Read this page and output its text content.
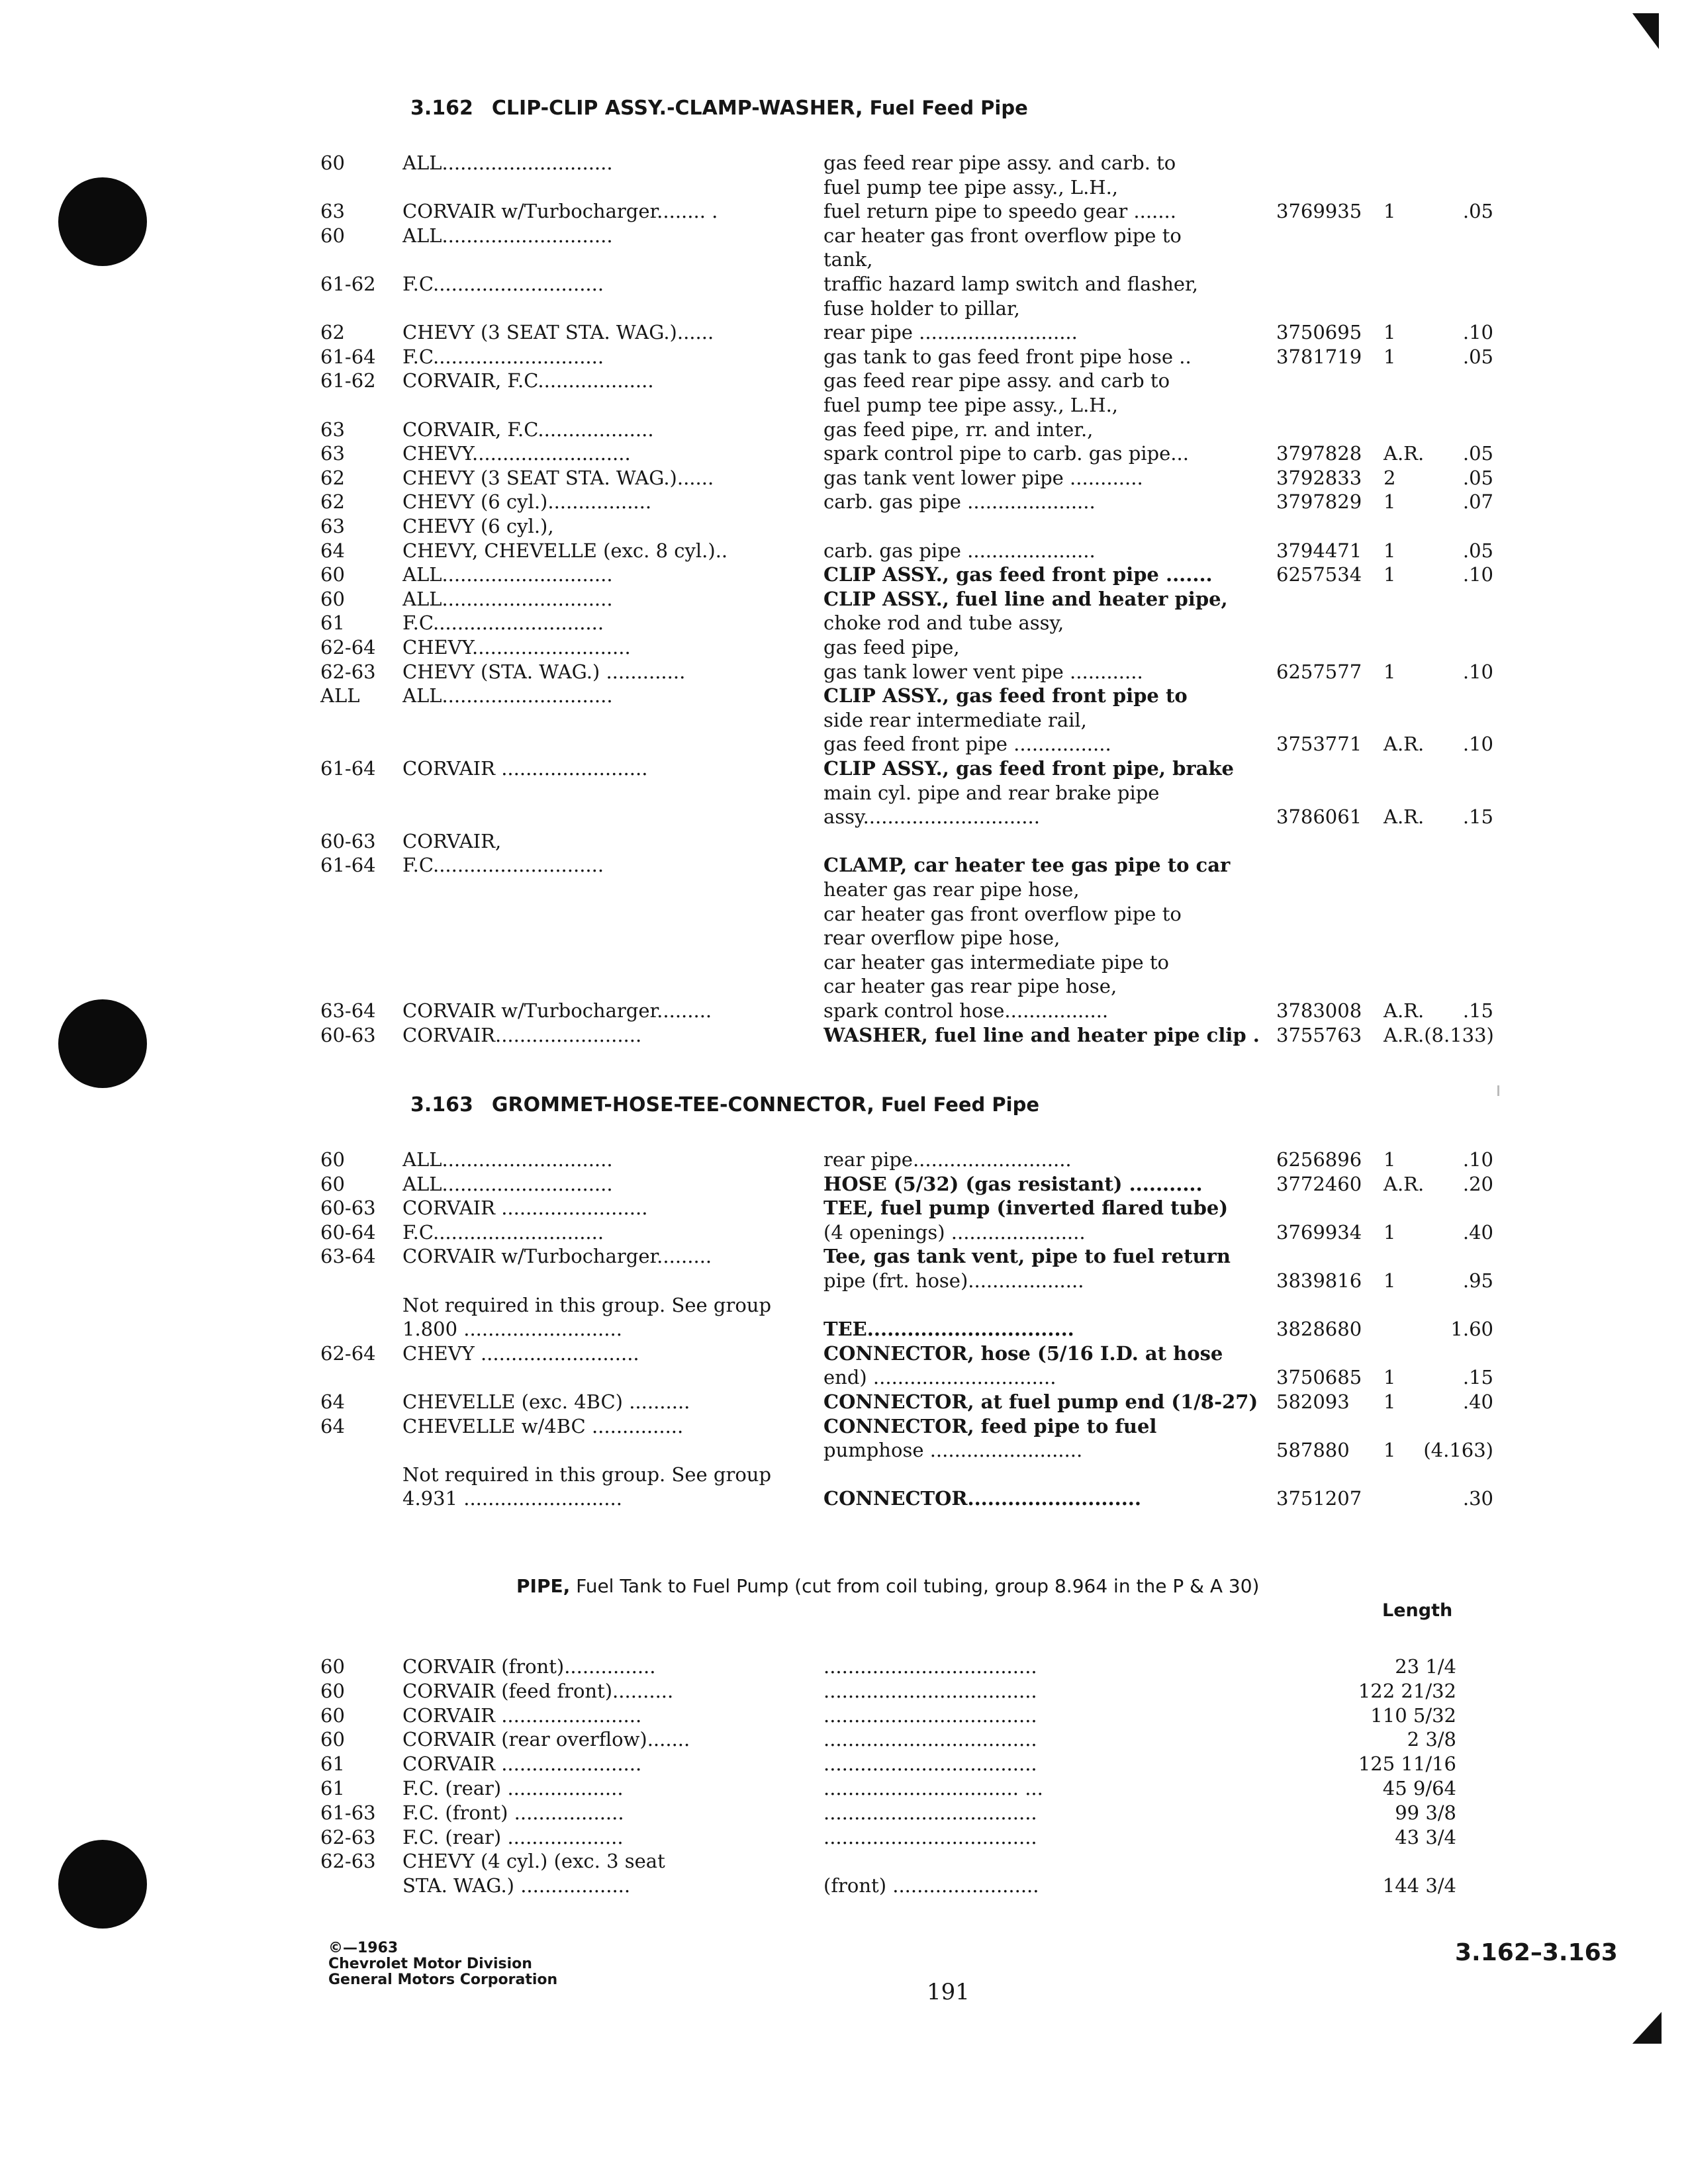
3.162 CLIP-CLIP ASSY.-CLAMP-WASHER, Fuel Feed Pipe
60	ALL............................	gas feed rear pipe assy. and carb. to
fuel pump tee pipe assy., L.H.,
63	CORVAIR w/Turbocharger........ .	fuel return pipe to speedo gear .......	3769935 1	.05
60	ALL............................	car heater gas front overflow pipe to
tank,
61-62 F.C............................	traffic hazard lamp switch and flasher,
fuse holder to pillar,
62	CHEVY (3 SEAT STA. WAG.)......	rear pipe ..........................	3750695 1	.10
61-64 F.C............................	gas tank to gas feed front pipe hose ..	3781719 1	.05
61-62 CORVAIR, F.C...................	gas feed rear pipe assy. and carb to
fuel pump tee pipe assy., L.H.,
63	CORVAIR, F.C...................	gas feed pipe, rr. and inter.,
63	CHEVY..........................	spark control pipe to carb. gas pipe...	3797828 A.R. .05
62	CHEVY (3 SEAT STA. WAG.)......	gas tank vent lower pipe ............	3792833 2	.05
62	CHEVY (6 cyl.).................	carb. gas pipe .....................	3797829 1	.07
63	CHEVY (6 cyl.),
64	CHEVY, CHEVELLE (exc. 8 cyl.)..	carb. gas pipe .....................	3794471 1	.05
60	ALL............................	CLIP ASSY., gas feed front pipe .......	6257534 1	.10
60	ALL............................	CLIP ASSY., fuel line and heater pipe,
61	F.C............................	choke rod and tube assy,
62-64 CHEVY..........................	gas feed pipe,
62-63 CHEVY (STA. WAG.) .............	gas tank lower vent pipe ............	6257577 1	.10
ALL ALL............................	CLIP ASSY., gas feed front pipe to
side rear intermediate rail,
gas feed front pipe ................	3753771 A.R. .10
61-64 CORVAIR ........................	CLIP ASSY., gas feed front pipe, brake
main cyl. pipe and rear brake pipe
assy.............................	3786061 A.R. .15
60-63 CORVAIR,
61-64 F.C............................	CLAMP, car heater tee gas pipe to car
heater gas rear pipe hose,
car heater gas front overflow pipe to
rear overflow pipe hose,
car heater gas intermediate pipe to
car heater gas rear pipe hose,
63-64 CORVAIR w/Turbocharger.........	spark control hose.................	3783008 A.R. .15
60-63 CORVAIR........................	WASHER, fuel line and heater pipe clip . 3755763 A.R.(8.133)
3.163 GROMMET-HOSE-TEE-CONNECTOR, Fuel Feed Pipe
60	ALL............................	rear pipe..........................	6256896 1	.10
60	ALL............................	HOSE (5/32) (gas resistant) ...........	3772460 A.R. .20
60-63 CORVAIR ........................	TEE, fuel pump (inverted flared tube)
60-64 F.C............................	(4 openings) ......................	3769934 1	.40
63-64 CORVAIR w/Turbocharger.........	Tee, gas tank vent, pipe to fuel return
pipe (frt. hose)...................	3839816 1	.95
Not required in this group. See group
1.800 ..........................	TEE...............................	3828680	1.60
62-64 CHEVY ..........................	CONNECTOR, hose (5/16 I.D. at hose
end) ..............................	3750685 1	.15
64	CHEVELLE (exc. 4BC) ..........	CONNECTOR, at fuel pump end (1/8-27) 582093 1	.40
64	CHEVELLE w/4BC ...............	CONNECTOR, feed pipe to fuel
pumphose .........................	587880 1 (4.163)
Not required in this group. See group
4.931 ..........................	CONNECTOR..........................	3751207	.30
PIPE, Fuel Tank to Fuel Pump (cut from coil tubing, group 8.964 in the P & A 30)
Length
60	CORVAIR (front)...............	...................................	23 1/4
60	CORVAIR (feed front)..........	...................................	122 21/32
60	CORVAIR .......................	...................................	110 5/32
60	CORVAIR (rear overflow).......	...................................	2 3/8
61	CORVAIR .......................	...................................	125 11/16
61	F.C. (rear) ...................	................................ ...	45 9/64
61-63 F.C. (front) ..................	...................................	99 3/8
62-63 F.C. (rear) ...................	...................................	43 3/4
62-63 CHEVY (4 cyl.) (exc. 3 seat
STA. WAG.) ..................	(front) ........................	144 3/4
©—1963
Chevrolet Motor Division
General Motors Corporation	191
3.162–3.163
